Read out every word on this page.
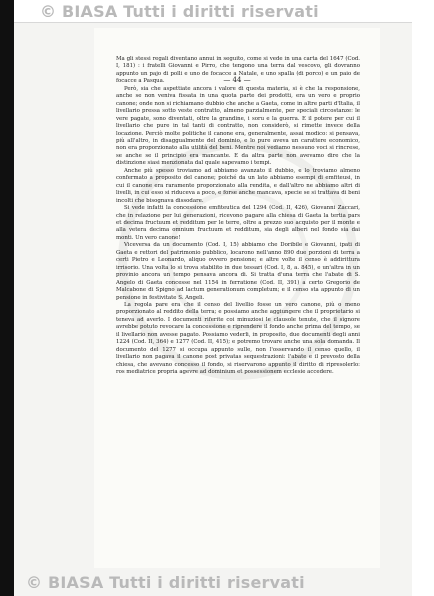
© BIASA Tutti i diritti riservati
— 44 —

Ma gli stessi regali diventano annui in seguito, come si vede in una carta del 1647 (Cod. I, 181) : i fratelli Giovanni e Pirro, che tengono una terra dal vescovo, gli dovranno appunto un pajo di polli e uno de focacce a Natale, e uno spalla (di porco) e un paio de focacce a Pasqua.

Però, sia che aspettiate ancora i valore di questa materia, si è che la responsione, anche se non veniva fissata in una quota parte dei prodotti, era un vero e proprio canone; onde non si richiamano dubbio che anche a Gaeta, come in altre parti d'Italia, il livellario pressa sotto veste contratto, almeno parzialmente, per speciali circostanze: le vere pagate, sono diventati, oltre la grandine, i soru e la guerra. E il potere per cui il livellario che pure in tal tanti di contratto, non considerò, si rimette invece della locazione. Perciò molte politiche il canone era, generalmente, assai modico: si pensava, più all'altro, in disaggualmente del dominio, e lo pure aveva un carattere economico, non era proporzionato alla utilità del beni. Mentre noi vediamo nessuno voci si rincrese, se anche se il principio era mancante. E da altra parte non avevamo dire che la distinzione siasi menzionata dal quale sapevamo i tempi.

Anche più spesso troviamo ad abbiamo avanzato il dubbio, e lo troviamo almeno confermato a proposito del canone; poiché da un lato abbiamo esempi di emfiteusi, in cui il canone era raramente proporzionato alla rendita, e dall'altro ne abbiamo altri di livelli, in cui esso si riduceva a poco, e forse anche mancava, specie se si trattava di beni incolti che bisognava dissodare.

Si vede infatti la concessione emfiteutica del 1294 (Cod. II, 426), Giovanni Zaccari, che in relazione per lui generazioni, ricevono pagare alla chiesa di Gaeta la tertia pars et decima fructuum et redditum per le terre, oltre a prezzo suo acquisto per il monte e alla vetera decima omnium fructuum et redditum, sia degli alberi nel fondo sia dai monti. Un vero canone!

Viceversa da un documento (Cod. I, 15) abbiamo che Doribile e Giovanni, ipati di Gaeta e rettori del patrimonio pubblico, locarono nell'anno 890 due porzioni di terra a certi Pietro e Leonardo, aliquo ovvero pensione; e altre volte il censo è addirittura irrisorio. Una volta lo si trova stabilito in due tessari (Cod. I, 8, a. 845), e un'altra in un provinio ancora un tempo pensava ancora di. Si tratta d'una terra che l'abate di S. Angelo di Gaeta concesse nel 1154 in ferratione (Cod. II, 391) a certo Gregorio de Malcabone di Spigno ad lactum generationum completum; e il censo sta appunto di un pensione in festivitate S. Angeli.

La regola pare era che il censo del livellio fosse un vero canone, più o meno proporzionato al reddito della terra; e possiamo anche aggiungere che il proprietario si teneva ad averlo. I documenti riferite coi minuziosi le clausole tenute, che il signore avrebbe potuto revocare la concessione e riprendere il fondo anche prima del tempo, se il livellario non avesse pagato. Possiamo vederli, in proposito, due documenti degli anni 1224 (Cod. II, 364) e 1277 (Cod. II, 415); e potremo trovare anche una sola domanda. Il documento del 1277 si occupa appunto sulle, non l'osservando il censo quello, il livellario non pagava il canone post privatas sequestrazioni: l'abate e il prevosto della chiesa, che avevano concesso il fondo, si riservarono appunto il diritto di ripresolerlo: ros mediatrice propria agevre ad dominium et possessionem ecclesie accedere.

© BIASA Tutti i diritti riservati
